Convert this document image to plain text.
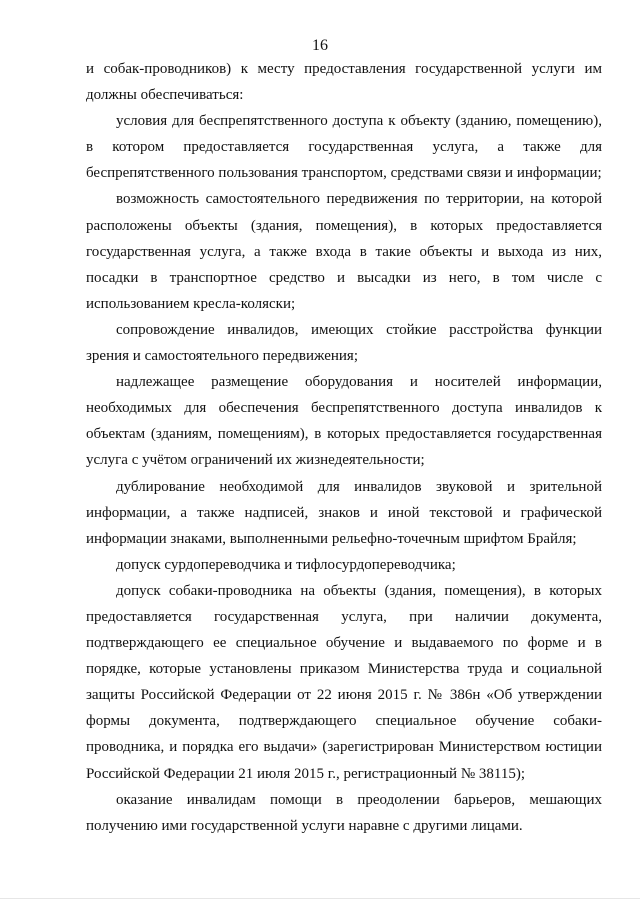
16

и собак-проводников) к месту предоставления государственной услуги им должны обеспечиваться:

условия для беспрепятственного доступа к объекту (зданию, помещению), в котором предоставляется государственная услуга, а также для беспрепятственного пользования транспортом, средствами связи и информации;

возможность самостоятельного передвижения по территории, на которой расположены объекты (здания, помещения), в которых предоставляется государственная услуга, а также входа в такие объекты и выхода из них, посадки в транспортное средство и высадки из него, в том числе с использованием кресла-коляски;

сопровождение инвалидов, имеющих стойкие расстройства функции зрения и самостоятельного передвижения;

надлежащее размещение оборудования и носителей информации, необходимых для обеспечения беспрепятственного доступа инвалидов к объектам (зданиям, помещениям), в которых предоставляется государственная услуга с учётом ограничений их жизнедеятельности;

дублирование необходимой для инвалидов звуковой и зрительной информации, а также надписей, знаков и иной текстовой и графической информации знаками, выполненными рельефно-точечным шрифтом Брайля;

допуск сурдопереводчика и тифлосурдопереводчика;

допуск собаки-проводника на объекты (здания, помещения), в которых предоставляется государственная услуга, при наличии документа, подтверждающего ее специальное обучение и выдаваемого по форме и в порядке, которые установлены приказом Министерства труда и социальной защиты Российской Федерации от 22 июня 2015 г. № 386н «Об утверждении формы документа, подтверждающего специальное обучение собаки-проводника, и порядка его выдачи» (зарегистрирован Министерством юстиции Российской Федерации 21 июля 2015 г., регистрационный № 38115);

оказание инвалидам помощи в преодолении барьеров, мешающих получению ими государственной услуги наравне с другими лицами.
